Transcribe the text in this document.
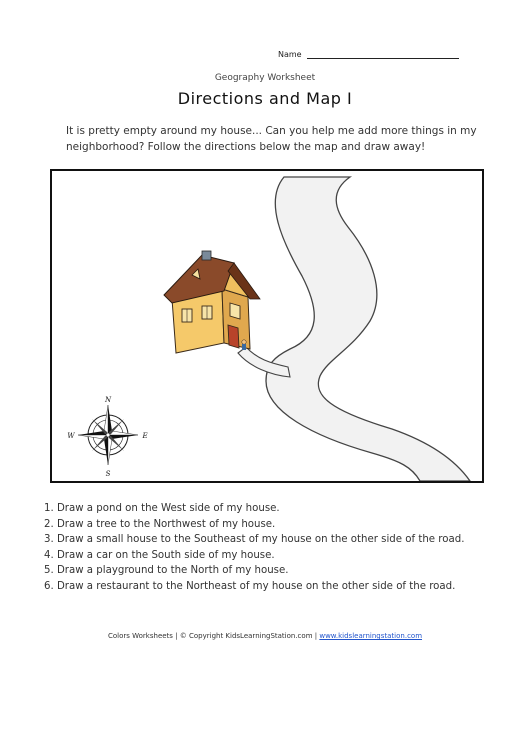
Name
Geography Worksheet
Directions and Map I
It is pretty empty around my house... Can you help me add more things in my neighborhood? Follow the directions below the map and draw away!
N
S
E
W
1. Draw a pond on the West side of my house.
2. Draw a tree to the Northwest of my house.
3. Draw a small house to the Southeast of my house on the other side of the road.
4. Draw a car on the South side of my house.
5. Draw a playground to the North of my house.
6. Draw a restaurant to the Northeast of my house on the other side of the road.
Colors Worksheets | © Copyright KidsLearningStation.com | www.kidslearningstation.com
